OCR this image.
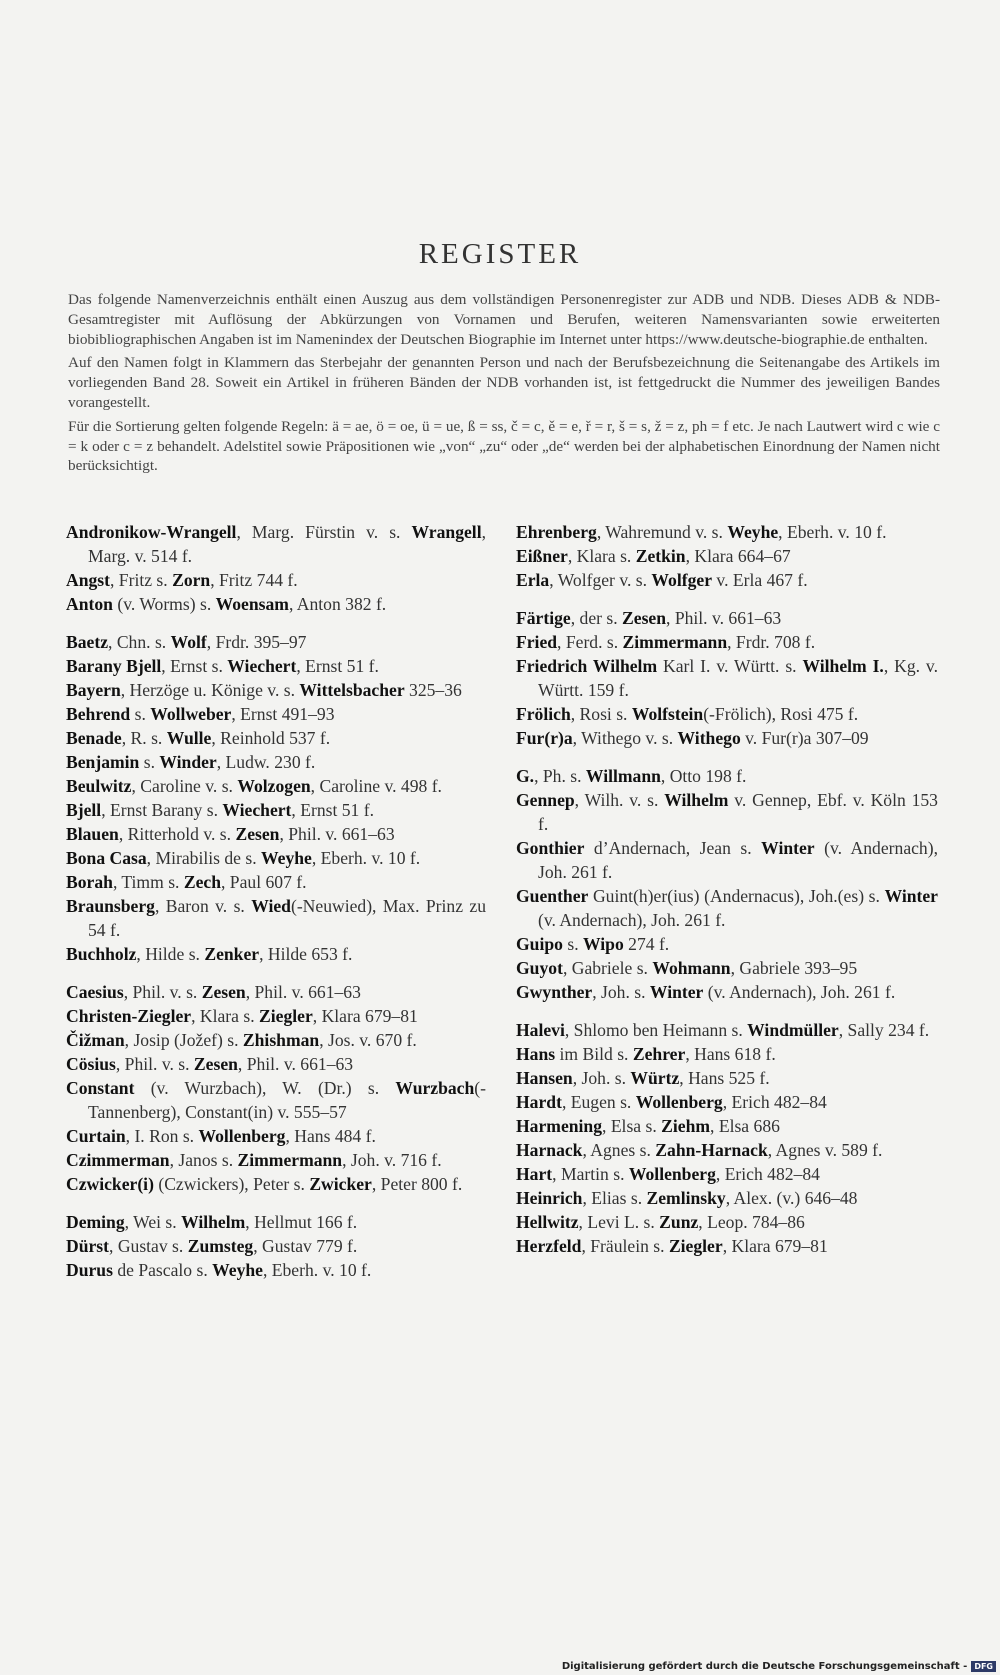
REGISTER

Das folgende Namenverzeichnis enthält einen Auszug aus dem vollständigen Personenregister zur ADB und NDB. Dieses ADB & NDB-Gesamtregister mit Auflösung der Abkürzungen von Vornamen und Berufen, weiteren Namensvarianten sowie erweiterten biobibliographischen Angaben ist im Namenindex der Deutschen Biographie im Internet unter https://www.deutsche-biographie.de enthalten.

Auf den Namen folgt in Klammern das Sterbejahr der genannten Person und nach der Berufsbezeichnung die Seitenangabe des Artikels im vorliegenden Band 28. Soweit ein Artikel in früheren Bänden der NDB vorhanden ist, ist fettgedruckt die Nummer des jeweiligen Bandes vorangestellt.

Für die Sortierung gelten folgende Regeln: ä = ae, ö = oe, ü = ue, ß = ss, č = c, ě = e, ř = r, š = s, ž = z, ph = f etc. Je nach Lautwert wird c wie c = k oder c = z behandelt. Adelstitel sowie Präpositionen wie „von“ „zu“ oder „de“ werden bei der alphabetischen Einordnung der Namen nicht berücksichtigt.

Andronikow-Wrangell, Marg. Fürstin v. s. Wrangell, Marg. v. 514 f.
Angst, Fritz s. Zorn, Fritz 744 f.
Anton (v. Worms) s. Woensam, Anton 382 f.
Baetz, Chn. s. Wolf, Frdr. 395–97
Barany Bjell, Ernst s. Wiechert, Ernst 51 f.
Bayern, Herzöge u. Könige v. s. Wittelsbacher 325–36
Behrend s. Wollweber, Ernst 491–93
Benade, R. s. Wulle, Reinhold 537 f.
Benjamin s. Winder, Ludw. 230 f.
Beulwitz, Caroline v. s. Wolzogen, Caroline v. 498 f.
Bjell, Ernst Barany s. Wiechert, Ernst 51 f.
Blauen, Ritterhold v. s. Zesen, Phil. v. 661–63
Bona Casa, Mirabilis de s. Weyhe, Eberh. v. 10 f.
Borah, Timm s. Zech, Paul 607 f.
Braunsberg, Baron v. s. Wied(-Neuwied), Max. Prinz zu 54 f.
Buchholz, Hilde s. Zenker, Hilde 653 f.
Caesius, Phil. v. s. Zesen, Phil. v. 661–63
Christen-Ziegler, Klara s. Ziegler, Klara 679–81
Čižman, Josip (Jožef) s. Zhishman, Jos. v. 670 f.
Cösius, Phil. v. s. Zesen, Phil. v. 661–63
Constant (v. Wurzbach), W. (Dr.) s. Wurzbach(-Tannenberg), Constant(in) v. 555–57
Curtain, I. Ron s. Wollenberg, Hans 484 f.
Czimmerman, Janos s. Zimmermann, Joh. v. 716 f.
Czwicker(i) (Czwickers), Peter s. Zwicker, Peter 800 f.
Deming, Wei s. Wilhelm, Hellmut 166 f.
Dürst, Gustav s. Zumsteg, Gustav 779 f.
Durus de Pascalo s. Weyhe, Eberh. v. 10 f.
Ehrenberg, Wahremund v. s. Weyhe, Eberh. v. 10 f.
Eißner, Klara s. Zetkin, Klara 664–67
Erla, Wolfger v. s. Wolfger v. Erla 467 f.
Färtige, der s. Zesen, Phil. v. 661–63
Fried, Ferd. s. Zimmermann, Frdr. 708 f.
Friedrich Wilhelm Karl I. v. Württ. s. Wilhelm I., Kg. v. Württ. 159 f.
Frölich, Rosi s. Wolfstein(-Frölich), Rosi 475 f.
Fur(r)a, Withego v. s. Withego v. Fur(r)a 307–09
G., Ph. s. Willmann, Otto 198 f.
Gennep, Wilh. v. s. Wilhelm v. Gennep, Ebf. v. Köln 153 f.
Gonthier d’Andernach, Jean s. Winter (v. Andernach), Joh. 261 f.
Guenther Guint(h)er(ius) (Andernacus), Joh.(es) s. Winter (v. Andernach), Joh. 261 f.
Guipo s. Wipo 274 f.
Guyot, Gabriele s. Wohmann, Gabriele 393–95
Gwynther, Joh. s. Winter (v. Andernach), Joh. 261 f.
Halevi, Shlomo ben Heimann s. Windmüller, Sally 234 f.
Hans im Bild s. Zehrer, Hans 618 f.
Hansen, Joh. s. Würtz, Hans 525 f.
Hardt, Eugen s. Wollenberg, Erich 482–84
Harmening, Elsa s. Ziehm, Elsa 686
Harnack, Agnes s. Zahn-Harnack, Agnes v. 589 f.
Hart, Martin s. Wollenberg, Erich 482–84
Heinrich, Elias s. Zemlinsky, Alex. (v.) 646–48
Hellwitz, Levi L. s. Zunz, Leop. 784–86
Herzfeld, Fräulein s. Ziegler, Klara 679–81
Digitalisierung gefördert durch die Deutsche Forschungsgemeinschaft - DFG
